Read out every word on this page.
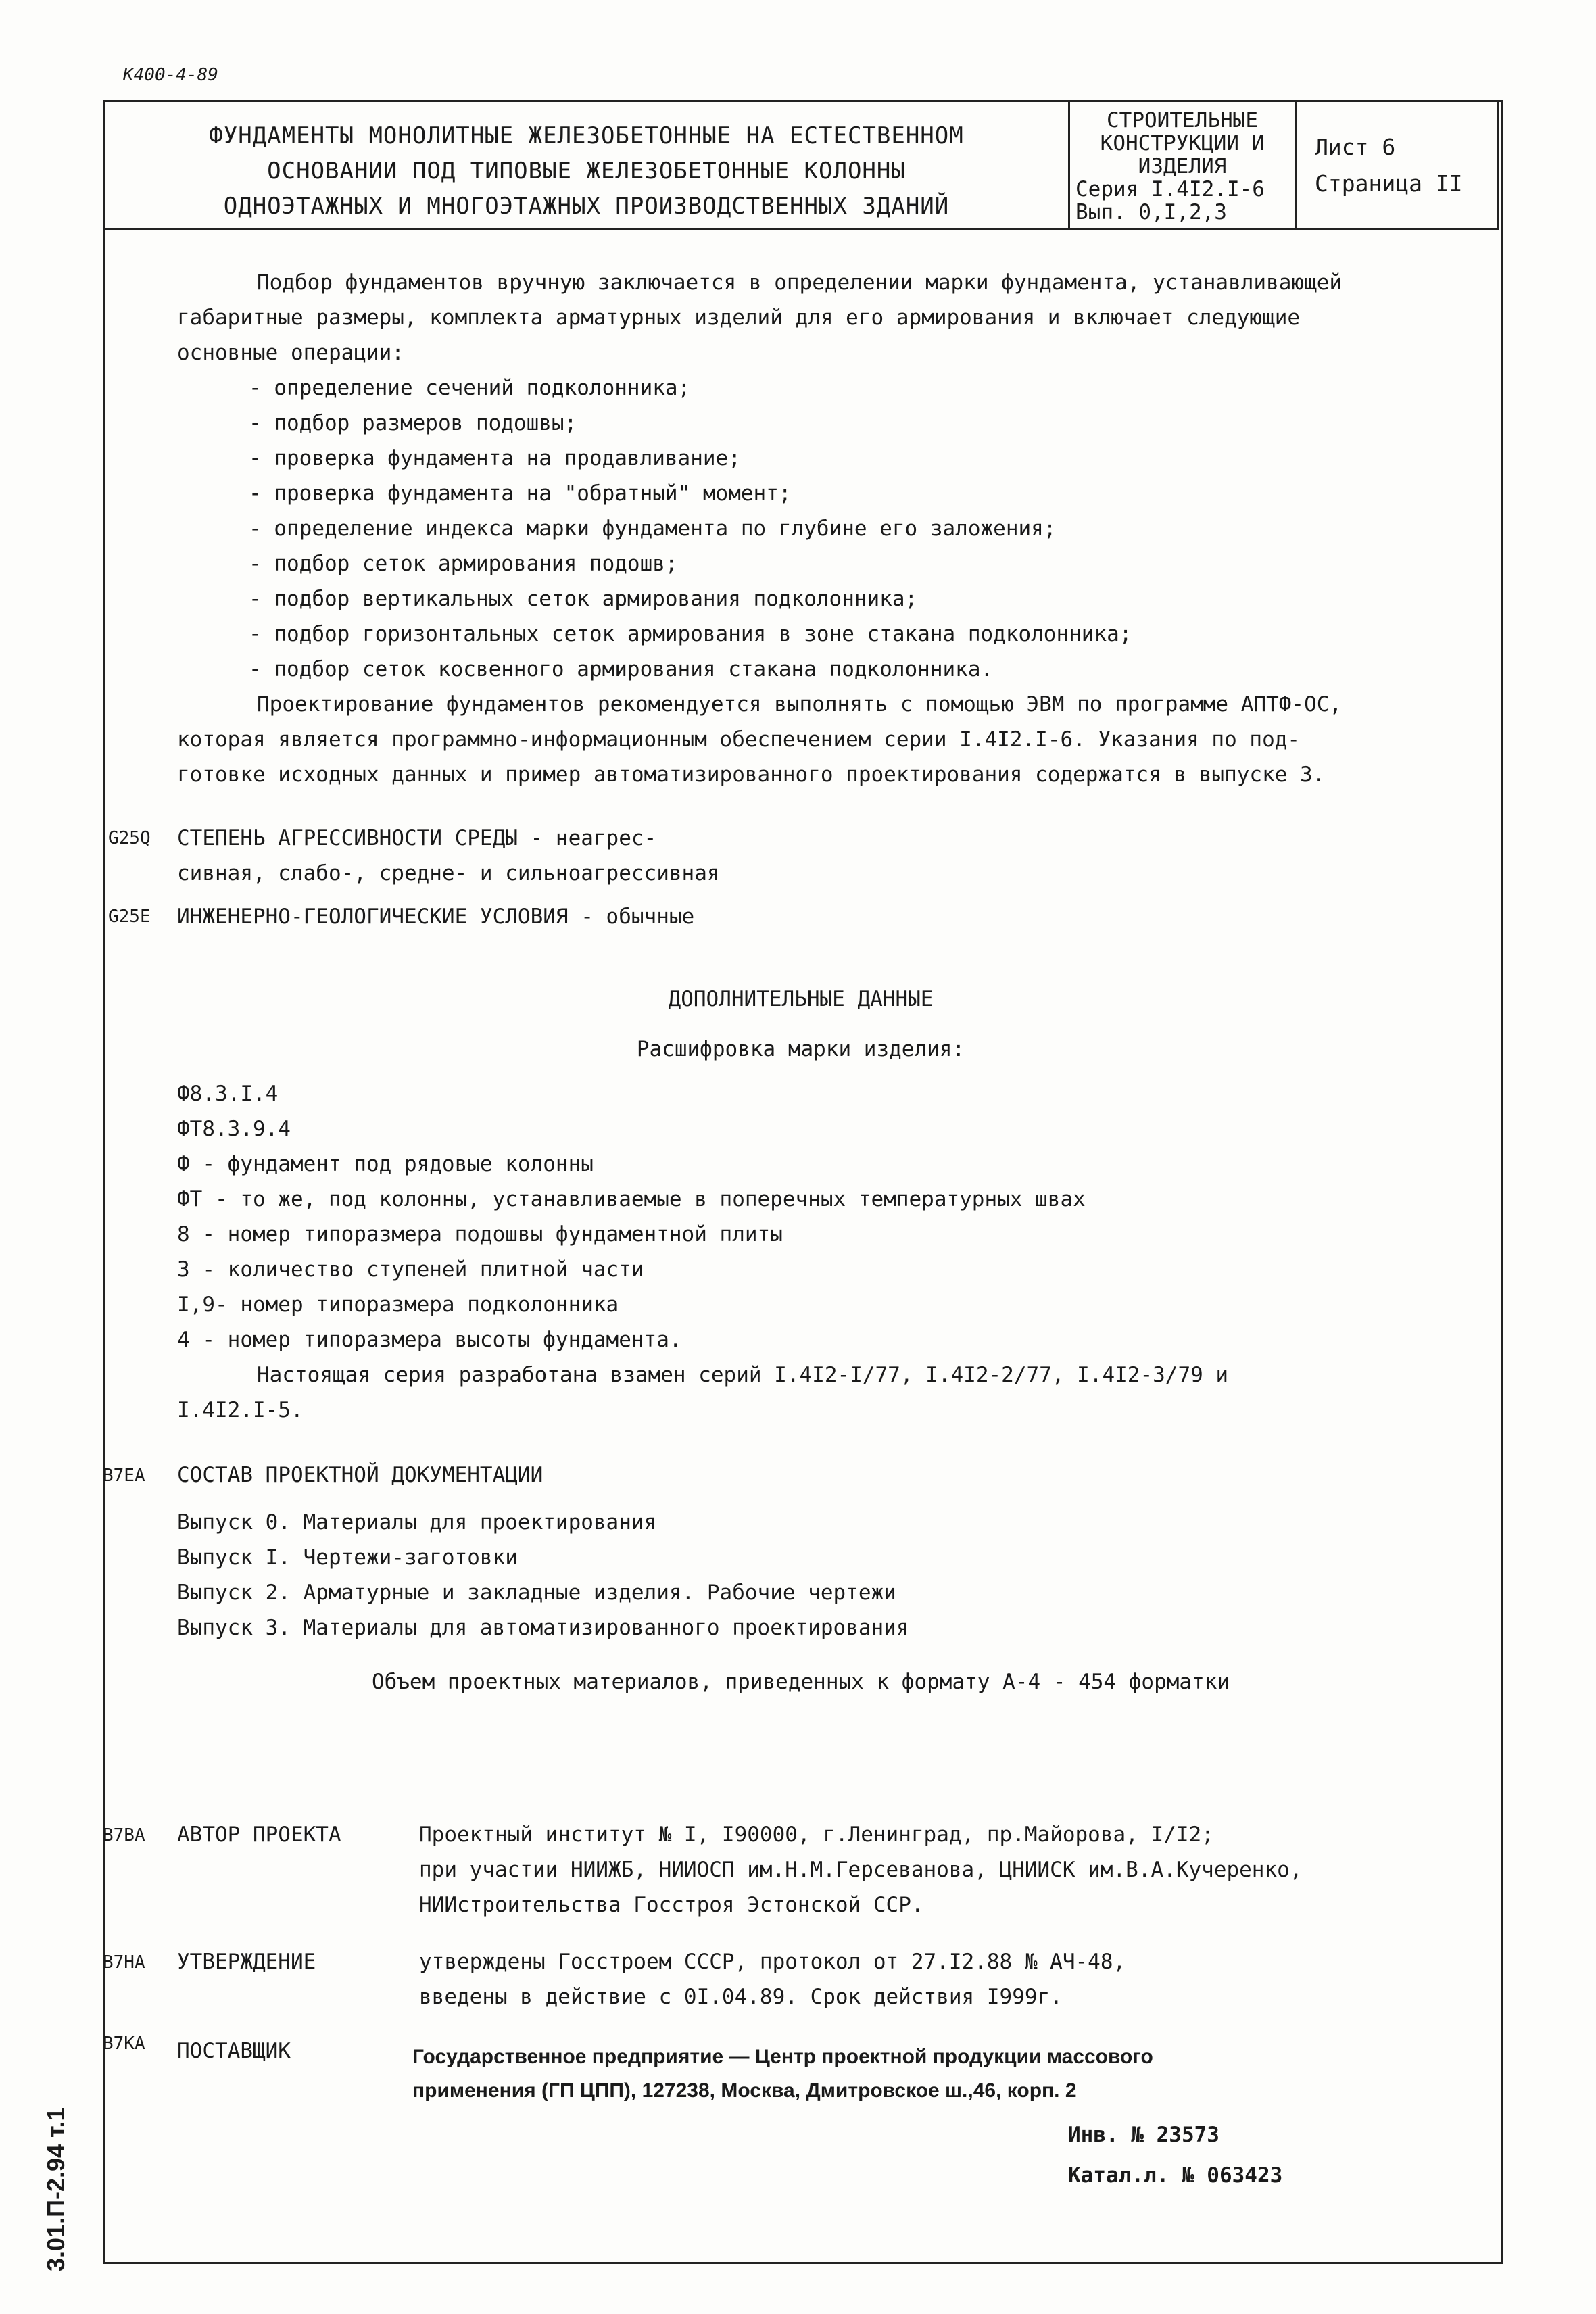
К400-4-89
ФУНДАМЕНТЫ МОНОЛИТНЫЕ ЖЕЛЕЗОБЕТОННЫЕ НА ЕСТЕСТВЕННОМ
ОСНОВАНИИ ПОД ТИПОВЫЕ ЖЕЛЕЗОБЕТОННЫЕ КОЛОННЫ
ОДНОЭТАЖНЫХ И МНОГОЭТАЖНЫХ ПРОИЗВОДСТВЕННЫХ ЗДАНИЙ
СТРОИТЕЛЬНЫЕ
КОНСТРУКЦИИ И
ИЗДЕЛИЯ
Серия I.4I2.I-6
Вып. 0,I,2,3
Лист 6
Страница II
Подбор фундаментов вручную заключается в определении марки фундамента, устанавливающей
габаритные размеры, комплекта арматурных изделий для его армирования и включает следующие
основные операции:
- определение сечений подколонника;
- подбор размеров подошвы;
- проверка фундамента на продавливание;
- проверка фундамента на "обратный" момент;
- определение индекса марки фундамента по глубине его заложения;
- подбор сеток армирования подошв;
- подбор вертикальных сеток армирования подколонника;
- подбор горизонтальных сеток армирования в зоне стакана подколонника;
- подбор сеток косвенного армирования стакана подколонника.
Проектирование фундаментов рекомендуется выполнять с помощью ЭВМ по программе АПТФ-ОС,
которая является программно-информационным обеспечением серии I.4I2.I-6. Указания по под-
готовке исходных данных и пример автоматизированного проектирования содержатся в выпуске 3.
G25Q СТЕПЕНЬ АГРЕССИВНОСТИ СРЕДЫ - неагрес-
сивная, слабо-, средне- и сильноагрессивная
G25Е ИНЖЕНЕРНО-ГЕОЛОГИЧЕСКИЕ УСЛОВИЯ - обычные
ДОПОЛНИТЕЛЬНЫЕ ДАННЫЕ
Расшифровка марки изделия:
Ф8.3.I.4
ФТ8.3.9.4
Ф - фундамент под рядовые колонны
ФТ - то же, под колонны, устанавливаемые в поперечных температурных швах
8 - номер типоразмера подошвы фундаментной плиты
3 - количество ступеней плитной части
I,9- номер типоразмера подколонника
4 - номер типоразмера высоты фундамента.
Настоящая серия разработана взамен серий I.4I2-I/77, I.4I2-2/77, I.4I2-3/79 и
I.4I2.I-5.
В7ЕА СОСТАВ ПРОЕКТНОЙ ДОКУМЕНТАЦИИ
Выпуск 0. Материалы для проектирования
Выпуск I. Чертежи-заготовки
Выпуск 2. Арматурные и закладные изделия. Рабочие чертежи
Выпуск 3. Материалы для автоматизированного проектирования
Объем проектных материалов, приведенных к формату А-4 - 454 форматки
В7ВА АВТОР ПРОЕКТА	Проектный институт № I, I90000, г.Ленинград, пр.Майорова, I/I2;
при участии НИИЖБ, НИИОСП им.Н.М.Герсеванова, ЦНИИСК им.В.А.Кучеренко,
НИИстроительства Госстроя Эстонской ССР.
В7НА УТВЕРЖДЕНИЕ	утверждены Госстроем СССР, протокол от 27.I2.88 № АЧ-48,
введены в действие с 0I.04.89. Срок действия I999г.
В7КА ПОСТАВЩИК	Государственное предприятие — Центр проектной продукции массового
применения (ГП ЦПП), 127238, Москва, Дмитровское ш.,46, корп. 2
Инв. № 23573
Катал.л. № 063423
3.01.П-2.94 т.1
